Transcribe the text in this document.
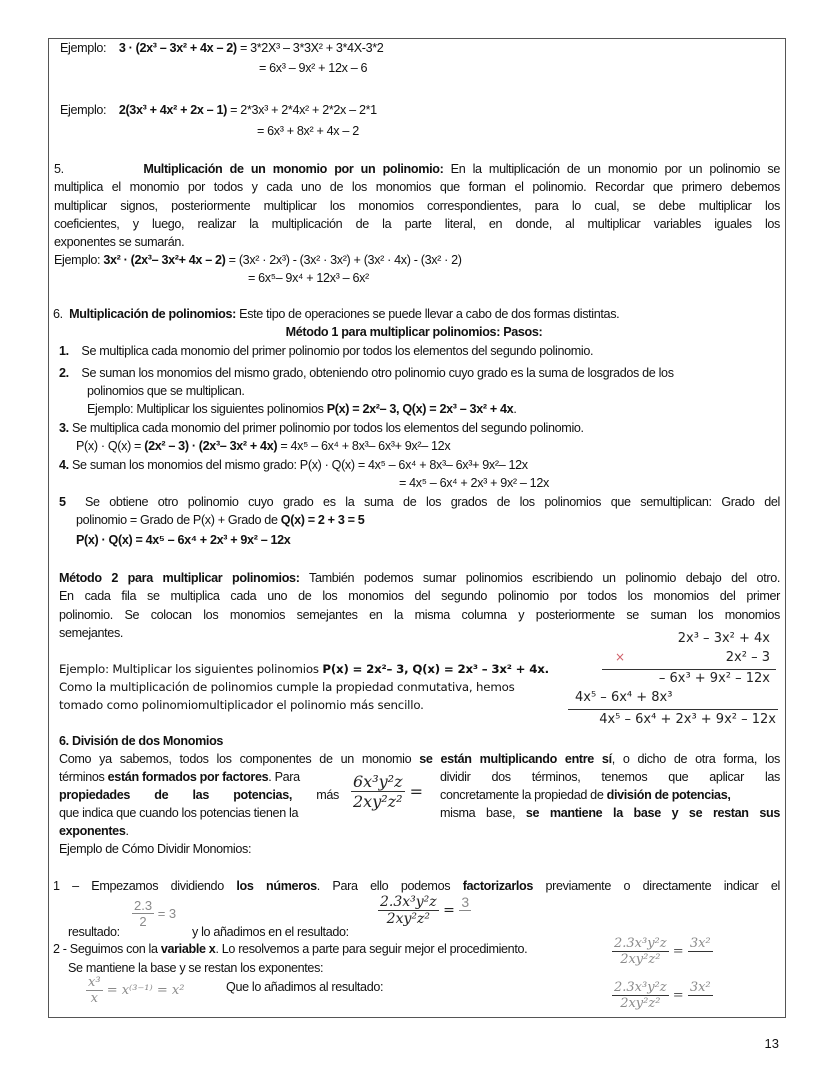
Ejemplo: 3 · (2x³ – 3x² + 4x – 2) = 3*2X³ – 3*3X² + 3*4X-3*2
= 6x³ – 9x² + 12x – 6
Ejemplo: 2(3x³ + 4x² + 2x – 1) = 2*3x³ + 2*4x² + 2*2x – 2*1
= 6x³ + 8x² + 4x – 2
5.	Multiplicación de un monomio por un polinomio: En la multiplicación de un monomio por un polinomio se
multiplica el monomio por todos y cada uno de los monomios que forman el polinomio. Recordar que primero debemos
multiplicar signos, posteriormente multiplicar los monomios correspondientes, para lo cual, se debe multiplicar los
coeficientes, y luego, realizar la multiplicación de la parte literal, en donde, al multiplicar variables iguales los
exponentes se sumarán.
Ejemplo: 3x² · (2x³– 3x²+ 4x – 2) = (3x² · 2x³) - (3x² · 3x²) + (3x² · 4x) - (3x² · 2)
= 6x⁵– 9x⁴ + 12x³ – 6x²
6. Multiplicación de polinomios: Este tipo de operaciones se puede llevar a cabo de dos formas distintas.
Método 1 para multiplicar polinomios: Pasos:
1. Se multiplica cada monomio del primer polinomio por todos los elementos del segundo polinomio.
2. Se suman los monomios del mismo grado, obteniendo otro polinomio cuyo grado es la suma de losgrados de los
polinomios que se multiplican.
Ejemplo: Multiplicar los siguientes polinomios P(x) = 2x²– 3, Q(x) = 2x³ – 3x² + 4x.
3. Se multiplica cada monomio del primer polinomio por todos los elementos del segundo polinomio.
P(x) · Q(x) = (2x² – 3) · (2x³– 3x² + 4x) = 4x⁵ – 6x⁴ + 8x³– 6x³+ 9x²– 12x
4. Se suman los monomios del mismo grado: P(x) · Q(x) = 4x⁵ – 6x⁴ + 8x³– 6x³+ 9x²– 12x
= 4x⁵ – 6x⁴ + 2x³ + 9x² – 12x
5 Se obtiene otro polinomio cuyo grado es la suma de los grados de los polinomios que semultiplican: Grado del
polinomio = Grado de P(x) + Grado de Q(x) = 2 + 3 = 5
P(x) · Q(x) = 4x⁵ – 6x⁴ + 2x³ + 9x² – 12x
Método 2 para multiplicar polinomios: También podemos sumar polinomios escribiendo un polinomio debajo del otro.
En cada fila se multiplica cada uno de los monomios del segundo polinomio por todos los monomios del primer
polinomio. Se colocan los monomios semejantes en la misma columna y posteriormente se suman los monomios
semejantes.
Ejemplo: Multiplicar los siguientes polinomios P(x) = 2x²– 3, Q(x) = 2x³ – 3x² + 4x.
Como la multiplicación de polinomios cumple la propiedad conmutativa, hemos
tomado como polinomiomultiplicador el polinomio más sencillo.
2x³ – 3x² + 4x
×	2x² – 3
– 6x³ + 9x² – 12x
4x⁵ – 6x⁴ + 8x³
4x⁵ – 6x⁴ + 2x³ + 9x² – 12x
6. División de dos Monomios
Como ya sabemos, todos los componentes de un monomio se están multiplicando entre sí, o dicho de otra forma, los
términos están formados por factores. Para	dividir dos términos, tenemos que aplicar las
propiedades de las potencias, más	concretamente la propiedad de división de potencias,
que indica que cuando los potencias tienen la	misma base, se mantiene la base y se restan sus
exponentes.
$\frac{\text{6x³y²z}}{\text{2xy²z²}}$ =
Ejemplo de Cómo Dividir Monomios:
1 – Empezamos dividiendo los números. Para ello podemos factorizarlos previamente o directamente indicar el
resultado:
$\frac{2.3}{2} = 3$
y lo añadimos en el resultado:
$\frac{\text{2.3x³y²z}}{\text{2xy²z²}}$ =
3

2 - Seguimos con la variable x. Lo resolvemos a parte para seguir mejor el procedimiento.
Se mantiene la base y se restan los exponentes:
$\frac{\text{x³}}{x} = x^{(3-1)} = x^2$	Que lo añadimos al resultado:
$\frac{\text{2.3x³y²z}}{\text{2xy²z²}}$ =
3x²

$\frac{\text{2.3x³y²z}}{\text{2xy²z²}}$ =
3x²

13
